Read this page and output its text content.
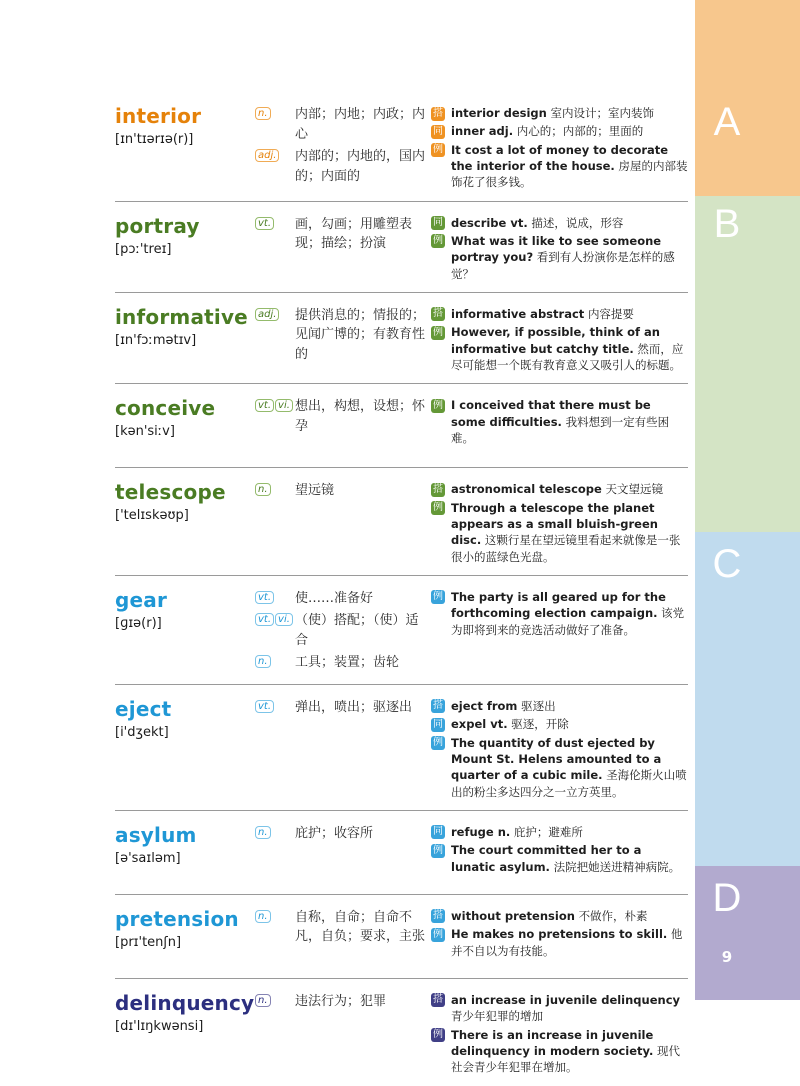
interior
[ɪn'tɪərɪə(r)]
n. 内部；内地；内政；内心
adj. 内部的；内地的，国内的；内面的
搭 interior design 室内设计；室内装饰
同 inner adj. 内心的；内部的；里面的
例 It cost a lot of money to decorate the interior of the house. 房屋的内部装饰花了很多钱。
portray
[pɔː'treɪ]
vt. 画，勾画；用雕塑表现；描绘；扮演
同 describe vt. 描述，说成，形容
例 What was it like to see someone portray you? 看到有人扮演你是怎样的感觉？
informative
[ɪn'fɔːmətɪv]
adj. 提供消息的；情报的；见闻广博的；有教育性的
搭 informative abstract 内容提要
例 However, if possible, think of an informative but catchy title. 然而，应尽可能想一个既有教育意义又吸引人的标题。
conceive
[kən'siːv]
vt. vi. 想出，构想，设想；怀孕
例 I conceived that there must be some difficulties. 我料想到一定有些困难。
telescope
['telɪskəʊp]
n. 望远镜	搭 astronomical telescope 天文望远镜
例 Through a telescope the planet appears as a small bluish-green disc. 这颗行星在望远镜里看起来就像是一张很小的蓝绿色光盘。
gear
[ɡɪə(r)]
vt. 使……准备好
vt. vi. （使）搭配；（使）适合
n. 工具；装置；齿轮
例 The party is all geared up for the forthcoming election campaign. 该党为即将到来的竞选活动做好了准备。
eject
[i'dʒekt]
vt. 弹出，喷出；驱逐出 搭 eject from 驱逐出
同 expel vt. 驱逐，开除
例 The quantity of dust ejected by Mount St. Helens amounted to a quarter of a cubic mile. 圣海伦斯火山喷出的粉尘多达四分之一立方英里。
asylum
[ə'saɪləm]
n. 庇护；收容所	同 refuge n. 庇护；避难所
例 The court committed her to a lunatic asylum. 法院把她送进精神病院。
pretension
[prɪ'tenʃn]
n. 自称，自命；自命不凡，自负；要求，主张
搭 without pretension 不做作，朴素
例 He makes no pretensions to skill. 他并不自以为有技能。
delinquency
[dɪ'lɪŋkwənsi]
n. 违法行为；犯罪	搭 an increase in juvenile delinquency 青少年犯罪的增加
例 There is an increase in juvenile delinquency in modern society. 现代社会青少年犯罪在增加。
A
B
C
D
9
